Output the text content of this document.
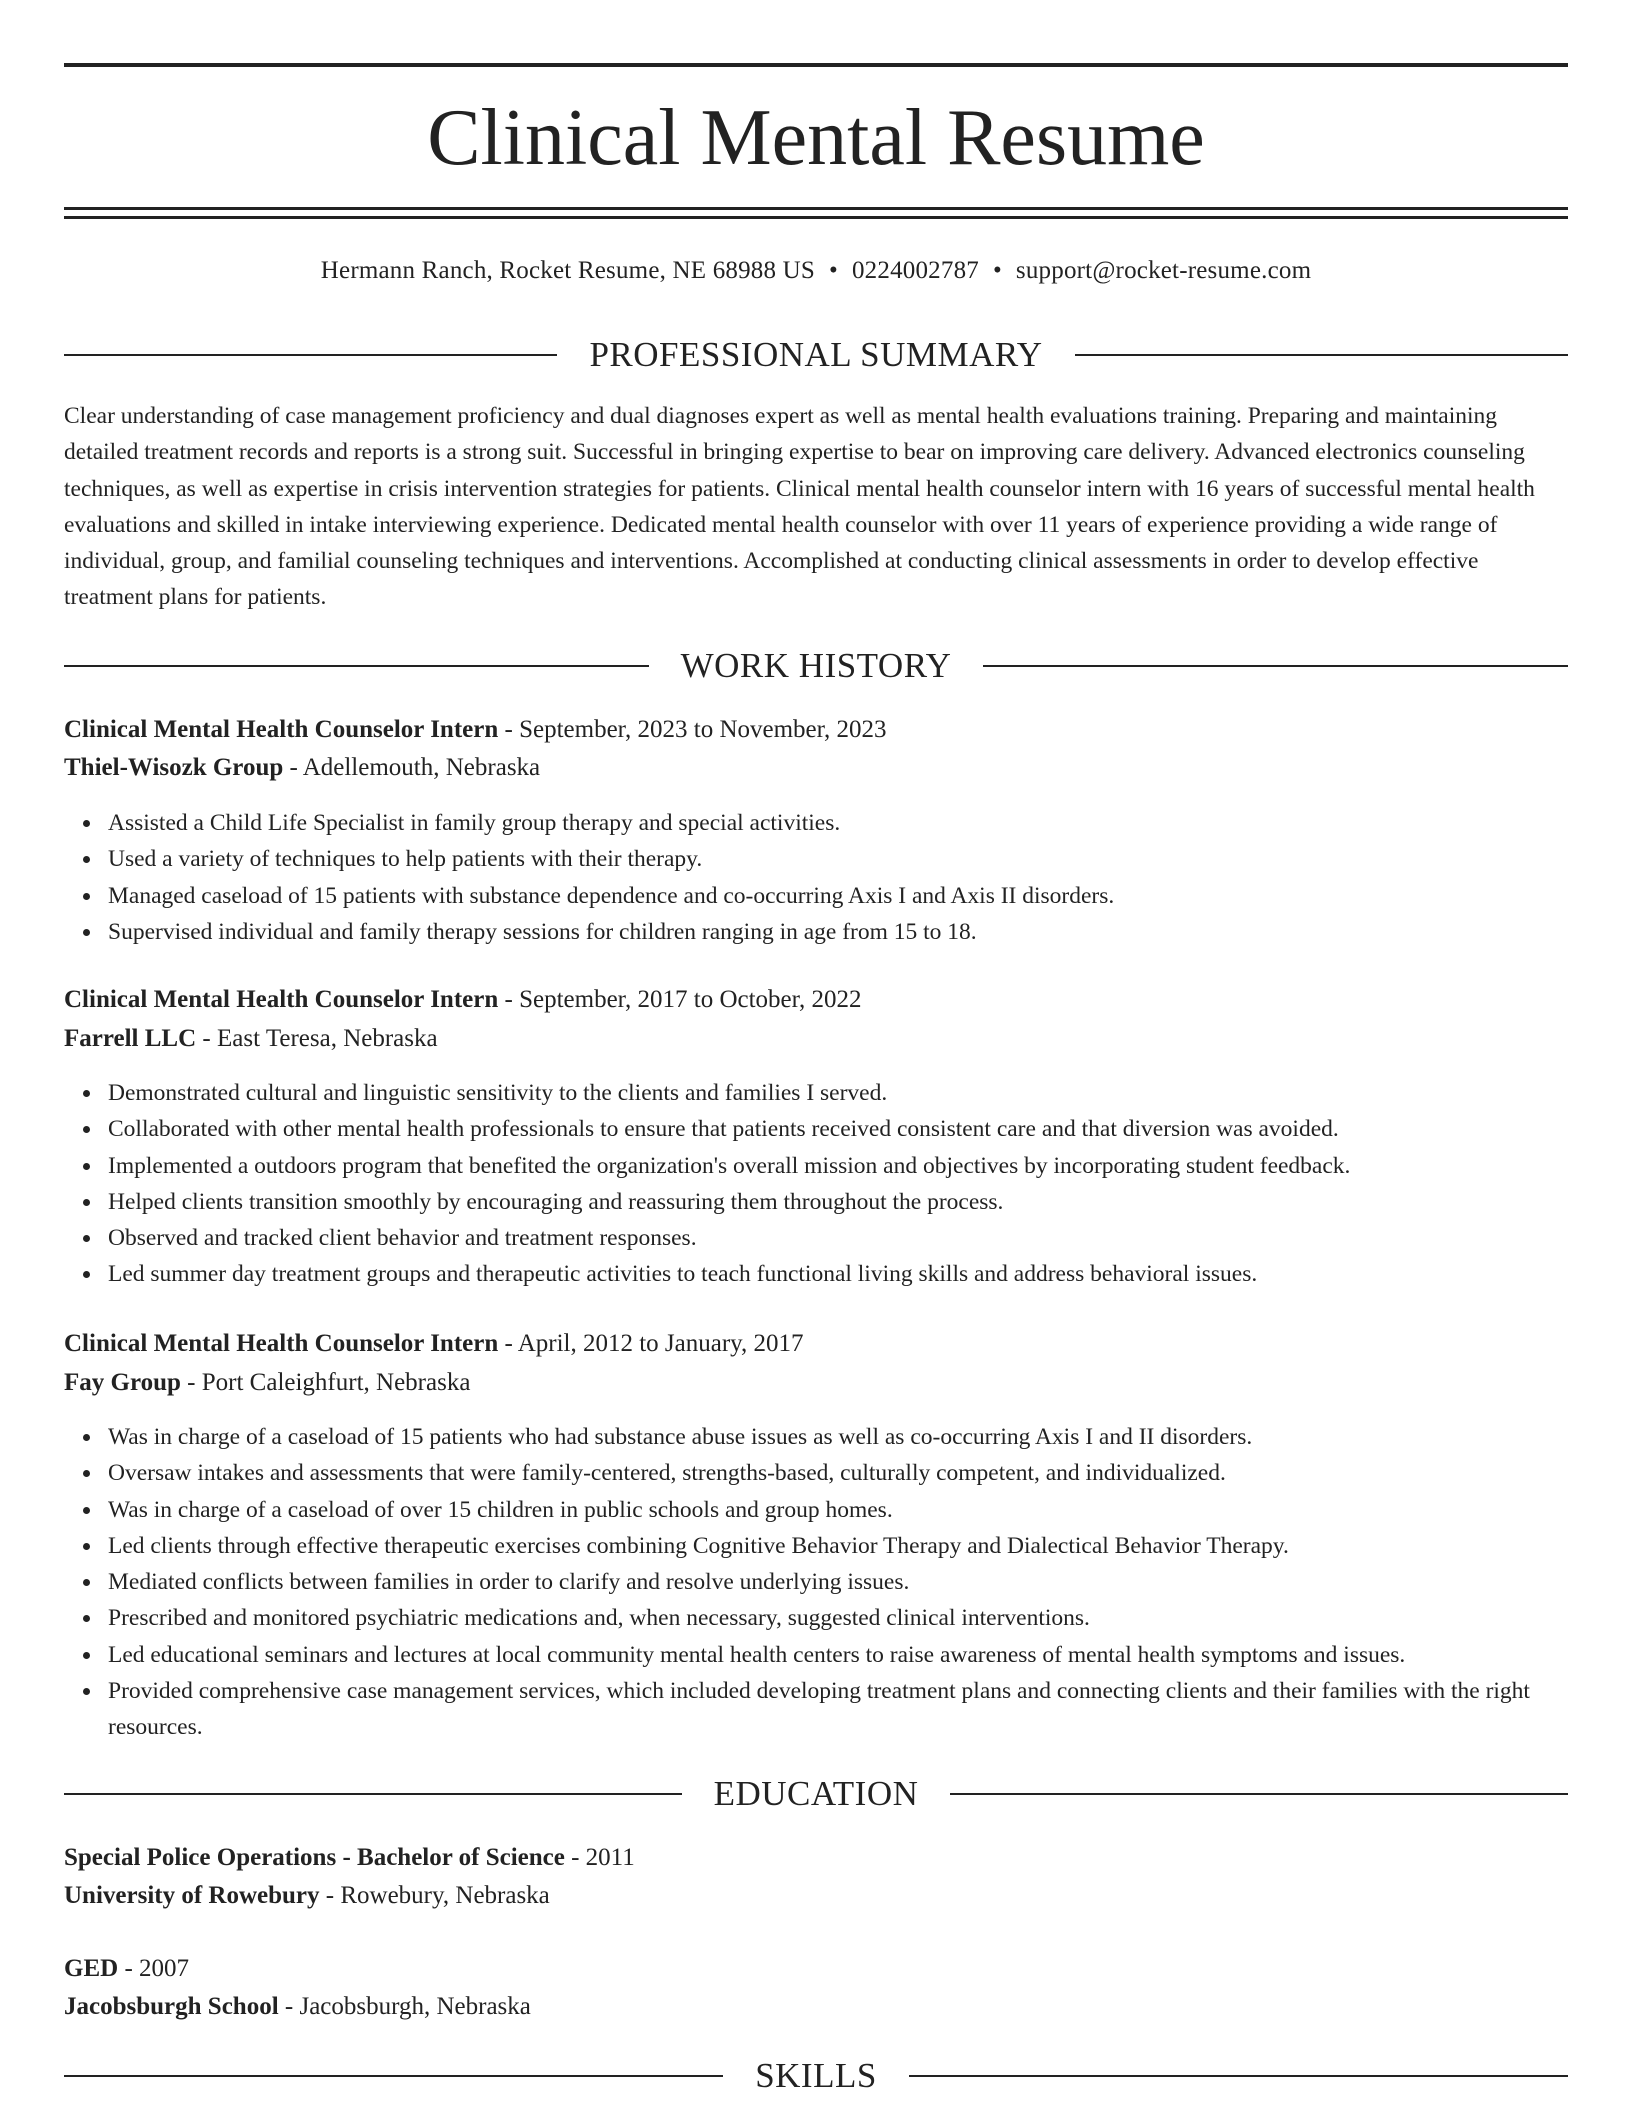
Clinical Mental Resume
Hermann Ranch, Rocket Resume, NE 68988 US • 0224002787 • support@rocket-resume.com
PROFESSIONAL SUMMARY
Clear understanding of case management proficiency and dual diagnoses expert as well as mental health evaluations training. Preparing and maintaining detailed treatment records and reports is a strong suit. Successful in bringing expertise to bear on improving care delivery. Advanced electronics counseling techniques, as well as expertise in crisis intervention strategies for patients. Clinical mental health counselor intern with 16 years of successful mental health evaluations and skilled in intake interviewing experience. Dedicated mental health counselor with over 11 years of experience providing a wide range of individual, group, and familial counseling techniques and interventions. Accomplished at conducting clinical assessments in order to develop effective treatment plans for patients.
WORK HISTORY
Clinical Mental Health Counselor Intern - September, 2023 to November, 2023
Thiel-Wisozk Group - Adellemouth, Nebraska
Assisted a Child Life Specialist in family group therapy and special activities.
Used a variety of techniques to help patients with their therapy.
Managed caseload of 15 patients with substance dependence and co-occurring Axis I and Axis II disorders.
Supervised individual and family therapy sessions for children ranging in age from 15 to 18.
Clinical Mental Health Counselor Intern - September, 2017 to October, 2022
Farrell LLC - East Teresa, Nebraska
Demonstrated cultural and linguistic sensitivity to the clients and families I served.
Collaborated with other mental health professionals to ensure that patients received consistent care and that diversion was avoided.
Implemented a outdoors program that benefited the organization's overall mission and objectives by incorporating student feedback.
Helped clients transition smoothly by encouraging and reassuring them throughout the process.
Observed and tracked client behavior and treatment responses.
Led summer day treatment groups and therapeutic activities to teach functional living skills and address behavioral issues.
Clinical Mental Health Counselor Intern - April, 2012 to January, 2017
Fay Group - Port Caleighfurt, Nebraska
Was in charge of a caseload of 15 patients who had substance abuse issues as well as co-occurring Axis I and II disorders.
Oversaw intakes and assessments that were family-centered, strengths-based, culturally competent, and individualized.
Was in charge of a caseload of over 15 children in public schools and group homes.
Led clients through effective therapeutic exercises combining Cognitive Behavior Therapy and Dialectical Behavior Therapy.
Mediated conflicts between families in order to clarify and resolve underlying issues.
Prescribed and monitored psychiatric medications and, when necessary, suggested clinical interventions.
Led educational seminars and lectures at local community mental health centers to raise awareness of mental health symptoms and issues.
Provided comprehensive case management services, which included developing treatment plans and connecting clients and their families with the right resources.
EDUCATION
Special Police Operations - Bachelor of Science - 2011
University of Rowebury - Rowebury, Nebraska
GED - 2007
Jacobsburgh School - Jacobsburgh, Nebraska
SKILLS
